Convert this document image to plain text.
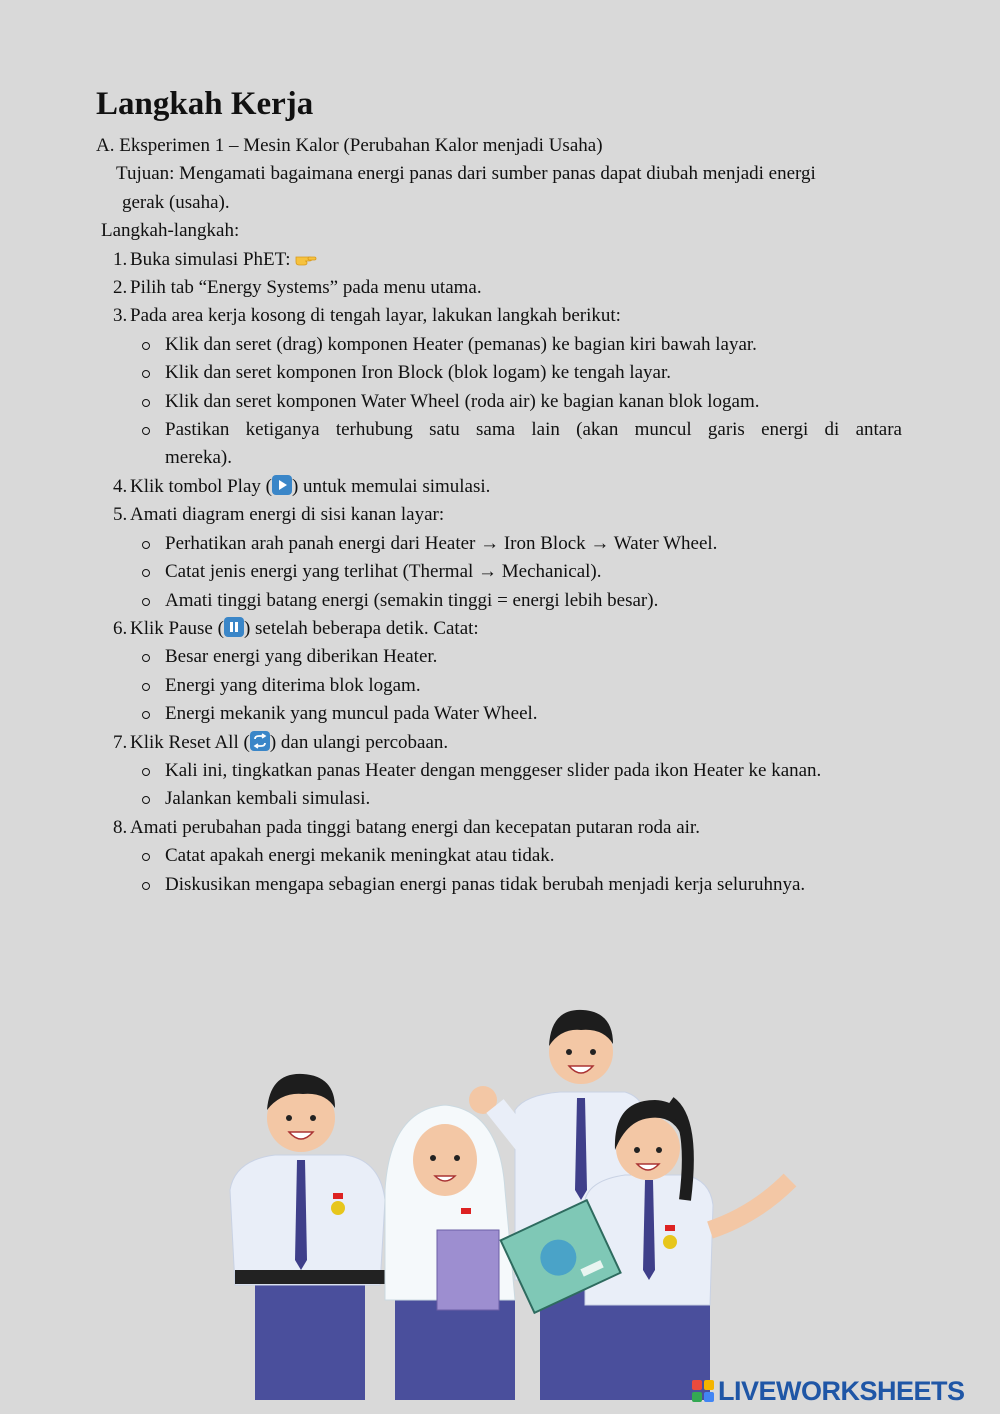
Langkah Kerja

A. Eksperimen 1 – Mesin Kalor (Perubahan Kalor menjadi Usaha)

Tujuan: Mengamati bagaimana energi panas dari sumber panas dapat diubah menjadi energi

gerak (usaha).

Langkah-langkah:

1. Buka simulasi PhET:
2. Pilih tab “Energy Systems” pada menu utama.
3. Pada area kerja kosong di tengah layar, lakukan langkah berikut:
Klik dan seret (drag) komponen Heater (pemanas) ke bagian kiri bawah layar.
Klik dan seret komponen Iron Block (blok logam) ke tengah layar.
Klik dan seret komponen Water Wheel (roda air) ke bagian kanan blok logam.
Pastikan ketiganya terhubung satu sama lain (akan muncul garis energi di antara mereka).
4. Klik tombol Play ( ) untuk memulai simulasi.
5. Amati diagram energi di sisi kanan layar:
Perhatikan arah panah energi dari Heater → Iron Block → Water Wheel.
Catat jenis energi yang terlihat (Thermal → Mechanical).
Amati tinggi batang energi (semakin tinggi = energi lebih besar).
6. Klik Pause ( ) setelah beberapa detik. Catat:
Besar energi yang diberikan Heater.
Energi yang diterima blok logam.
Energi mekanik yang muncul pada Water Wheel.
7. Klik Reset All ( ) dan ulangi percobaan.
Kali ini, tingkatkan panas Heater dengan menggeser slider pada ikon Heater ke kanan.
Jalankan kembali simulasi.
8. Amati perubahan pada tinggi batang energi dan kecepatan putaran roda air.
Catat apakah energi mekanik meningkat atau tidak.
Diskusikan mengapa sebagian energi panas tidak berubah menjadi kerja seluruhnya.
LIVEWORKSHEETS
